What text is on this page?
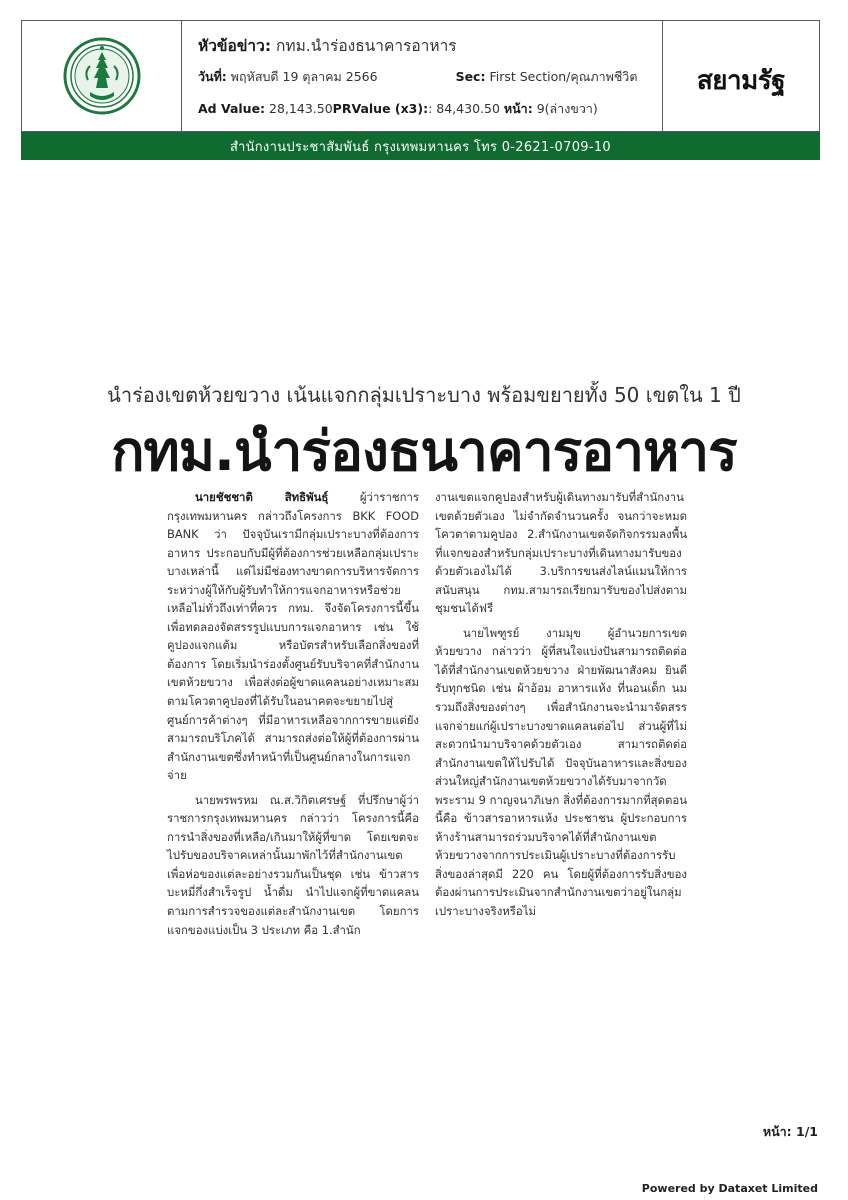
หัวข้อข่าว:
กทม.นำร่องธนาคารอาหาร
วันที่:
พฤหัสบดี 19 ตุลาคม 2566	Sec:
First Section/คุณภาพชีวิต
Ad Value:
28,143.50 PRValue (x3): : 84,430.50
หน้า:
9(ล่างขวา)
สยามรัฐ
สำนักงานประชาสัมพันธ์ กรุงเทพมหานคร โทร 0-2621-0709-10
นำร่องเขตห้วยขวาง เน้นแจกกลุ่มเปราะบาง พร้อมขยายทั้ง 50 เขตใน 1 ปี
กทม.นำร่องธนาคารอาหาร

นายชัชชาติ สิทธิพันธุ์	ผู้ว่าราชการกรุงเทพมหานคร กล่าวถึงโครงการ BKK FOOD BANK ว่า ปัจจุบันเรามีกลุ่มเปราะบางที่ต้องการอาหาร ประกอบกับมีผู้ที่ต้องการช่วยเหลือกลุ่มเปราะบางเหล่านี้ แต่ไม่มีช่องทางขาดการบริหารจัดการระหว่างผู้ให้กับผู้รับทำให้การแจกอาหารหรือช่วยเหลือไม่ทั่วถึงเท่าที่ควร กทม. จึงจัดโครงการนี้ขึ้นเพื่อทดลองจัดสรรรูปแบบการแจกอาหาร เช่น ใช้คูปองแจกแต้ม หรือบัตรสำหรับเลือกสิ่งของที่ต้องการ โดยเริ่มนำร่องตั้งศูนย์รับบริจาคที่สำนักงานเขตห้วยขวาง เพื่อส่งต่อผู้ขาดแคลนอย่างเหมาะสม ตามโควตาคูปองที่ได้รับในอนาคตจะขยายไปสู่ศูนย์การค้าต่างๆ ที่มีอาหารเหลือจากการขายแต่ยังสามารถบริโภคได้ สามารถส่งต่อให้ผู้ที่ต้องการผ่านสำนักงานเขตซึ่งทำหน้าที่เป็นศูนย์กลางในการแจกจ่าย

นายพรพรหม ณ.ส.วิกิตเศรษฐ์ ที่ปรึกษาผู้ว่าราชการกรุงเทพมหานคร กล่าวว่า โครงการนี้คือการนำสิ่งของที่เหลือ/เกินมาให้ผู้ที่ขาด โดยเขตจะไปรับของบริจาคเหล่านั้นมาพักไว้ที่สำนักงานเขต เพื่อห่อของแต่ละอย่างรวมกันเป็นชุด เช่น ข้าวสาร บะหมี่กึ่งสำเร็จรูป น้ำดื่ม นำไปแจกผู้ที่ขาดแคลนตามการสำรวจของแต่ละสำนักงานเขต โดยการแจกของแบ่งเป็น 3 ประเภท คือ 1.สำนัก

งานเขตแจกคูปองสำหรับผู้เดินทางมารับที่สำนักงานเขตด้วยตัวเอง ไม่จำกัดจำนวนครั้ง จนกว่าจะหมดโควตาตามคูปอง 2.สำนักงานเขตจัดกิจกรรมลงพื้นที่แจกของสำหรับกลุ่มเปราะบางที่เดินทางมารับของด้วยตัวเองไม่ได้ 3.บริการขนส่งไลน์แมนให้การสนับสนุน กทม.สามารถเรียกมารับของไปส่งตามชุมชนได้ฟรี

นายไพฑูรย์ งามมุข ผู้อำนวยการเขตห้วยขวาง กล่าวว่า ผู้ที่สนใจแบ่งปันสามารถติดต่อได้ที่สำนักงานเขตห้วยขวาง ฝ่ายพัฒนาสังคม ยินดีรับทุกชนิด เช่น ผ้าอ้อม อาหารแห้ง ที่นอนเด็ก นม รวมถึงสิ่งของต่างๆ เพื่อสำนักงานจะนำมาจัดสรรแจกจ่ายแก่ผู้เปราะบางขาดแคลนต่อไป ส่วนผู้ที่ไม่สะดวกนำมาบริจาคด้วยตัวเอง สามารถติดต่อสำนักงานเขตให้ไปรับได้ ปัจจุบันอาหารและสิ่งของส่วนใหญ่สำนักงานเขตห้วยขวางได้รับมาจากวัดพระราม 9 กาญจนาภิเษก สิ่งที่ต้องการมากที่สุดตอนนี้คือ ข้าวสารอาหารแห้ง ประชาชน ผู้ประกอบการ ห้างร้านสามารถร่วมบริจาคได้ที่สำนักงานเขตห้วยขวางจากการประเมินผู้เปราะบางที่ต้องการรับสิ่งของล่าสุดมี 220 คน โดยผู้ที่ต้องการรับสิ่งของต้องผ่านการประเมินจากสำนักงานเขตว่าอยู่ในกลุ่มเปราะบางจริงหรือไม่

หน้า: 1/1
Powered by Dataxet Limited
